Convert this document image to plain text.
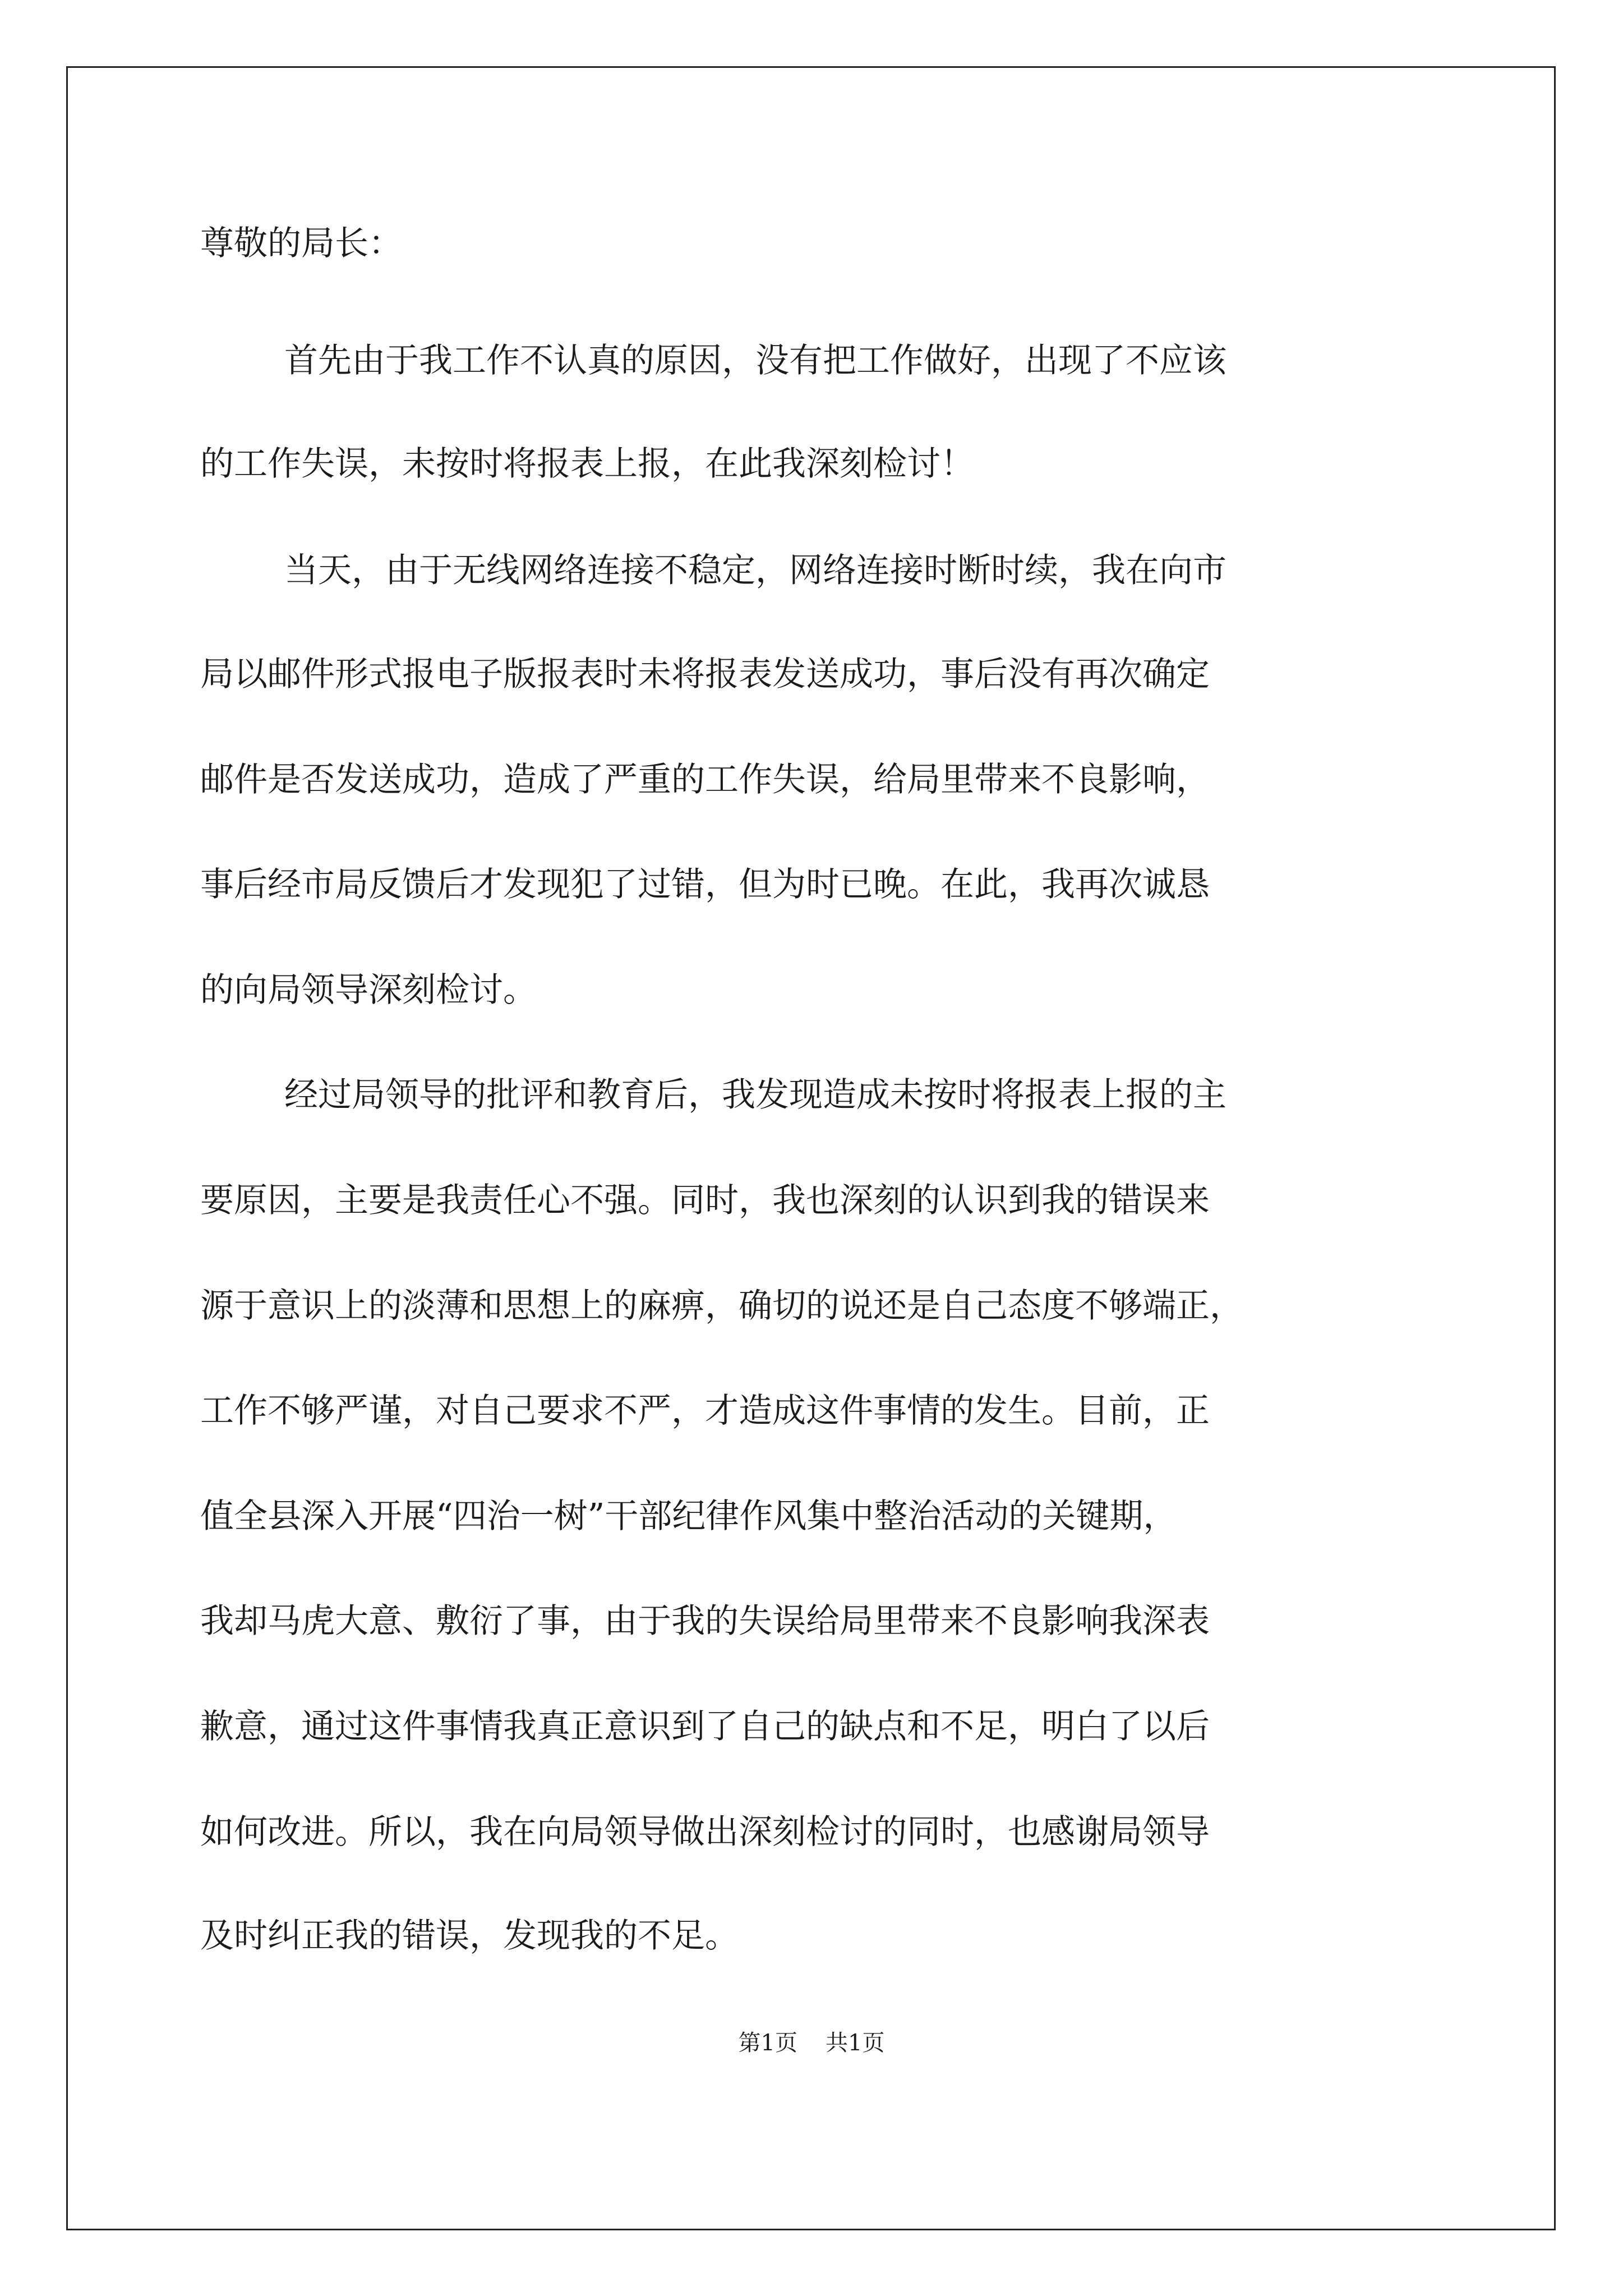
尊敬的局长：
首先由于我工作不认真的原因，没有把工作做好，出现了不应该
的工作失误，未按时将报表上报，在此我深刻检讨！
当天，由于无线网络连接不稳定，网络连接时断时续，我在向市
局以邮件形式报电子版报表时未将报表发送成功，事后没有再次确定
邮件是否发送成功，造成了严重的工作失误，给局里带来不良影响，
事后经市局反馈后才发现犯了过错，但为时已晚。在此，我再次诚恳
的向局领导深刻检讨。
经过局领导的批评和教育后，我发现造成未按时将报表上报的主
要原因，主要是我责任心不强。同时，我也深刻的认识到我的错误来
源于意识上的淡薄和思想上的麻痹，确切的说还是自己态度不够端正，
工作不够严谨，对自己要求不严，才造成这件事情的发生。目前，正
值全县深入开展“四治一树”干部纪律作风集中整治活动的关键期，
我却马虎大意、敷衍了事，由于我的失误给局里带来不良影响我深表
歉意，通过这件事情我真正意识到了自己的缺点和不足，明白了以后
如何改进。所以，我在向局领导做出深刻检讨的同时，也感谢局领导
及时纠正我的错误，发现我的不足。
第1页 共1页
